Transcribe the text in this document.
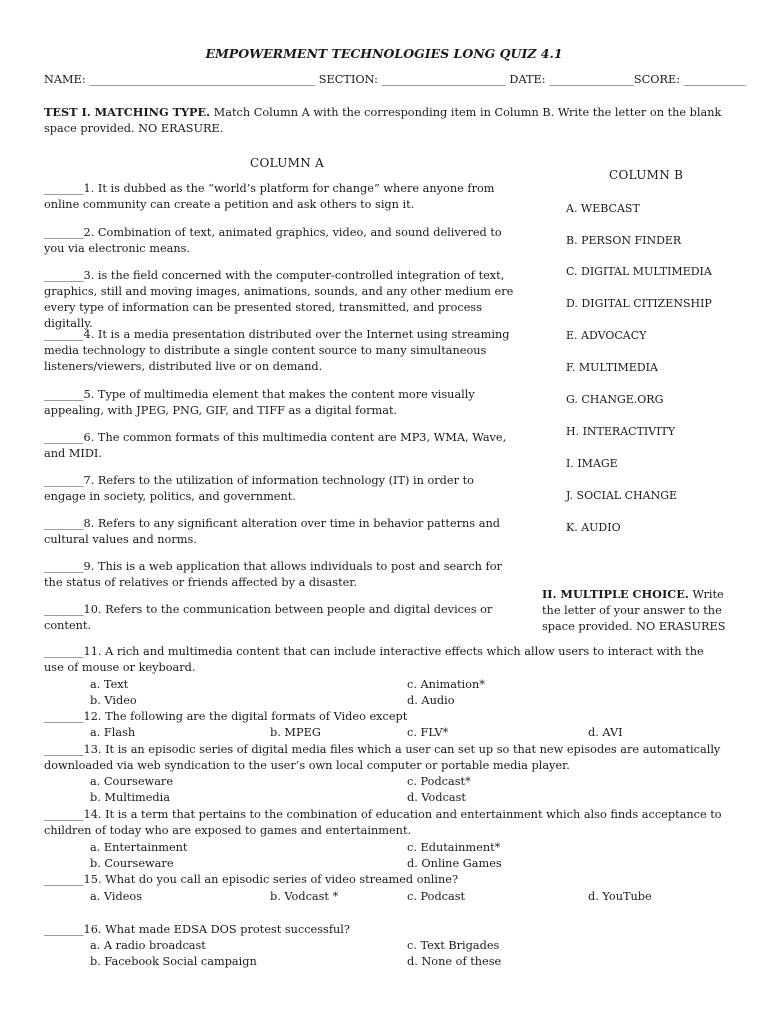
EMPOWERMENT TECHNOLOGIES LONG QUIZ 4.1
NAME: ________________________________________ SECTION: ______________________ DATE: _______________SCORE: ___________
TEST I. MATCHING TYPE. Match Column A with the corresponding item in Column B. Write the letter on the blank space provided. NO ERASURE.
COLUMN A
COLUMN B
_______1. It is dubbed as the “world’s platform for change” where anyone from online community can create a petition and ask others to sign it.
_______2. Combination of text, animated graphics, video, and sound delivered to you via electronic means.
_______3. is the field concerned with the computer-controlled integration of text, graphics, still and moving images, animations, sounds, and any other medium ere every type of information can be presented stored, transmitted, and process digitally.
_______4. It is a media presentation distributed over the Internet using streaming media technology to distribute a single content source to many simultaneous listeners/viewers, distributed live or on demand.
_______5. Type of multimedia element that makes the content more visually appealing, with JPEG, PNG, GIF, and TIFF as a digital format.
_______6. The common formats of this multimedia content are MP3, WMA, Wave, and MIDI.
_______7. Refers to the utilization of information technology (IT) in order to engage in society, politics, and government.
_______8. Refers to any significant alteration over time in behavior patterns and cultural values and norms.
_______9. This is a web application that allows individuals to post and search for the status of relatives or friends affected by a disaster.
_______10. Refers to the communication between people and digital devices or content.
A. WEBCAST
B. PERSON FINDER
C. DIGITAL MULTIMEDIA
D. DIGITAL CITIZENSHIP
E. ADVOCACY
F. MULTIMEDIA
G. CHANGE.ORG
H. INTERACTIVITY
I. IMAGE
J. SOCIAL CHANGE
K. AUDIO
II. MULTIPLE CHOICE. Write the letter of your answer to the space provided. NO ERASURES
_______11. A rich and multimedia content that can include interactive effects which allow users to interact with the use of mouse or keyboard.
a. Text
b. Video
c. Animation*
d. Audio
_______12. The following are the digital formats of Video except
a. Flash	b. MPEG	c. FLV*	d. AVI
_______13. It is an episodic series of digital media files which a user can set up so that new episodes are automatically downloaded via web syndication to the user’s own local computer or portable media player.
a. Courseware
b. Multimedia
c. Podcast*
d. Vodcast
_______14. It is a term that pertains to the combination of education and entertainment which also finds acceptance to children of today who are exposed to games and entertainment.
a. Entertainment
b. Courseware
c. Edutainment*
d. Online Games
_______15. What do you call an episodic series of video streamed online?
a. Videos	b. Vodcast *	c. Podcast	d. YouTube
_______16. What made EDSA DOS protest successful?
a. A radio broadcast
b. Facebook Social campaign
c. Text Brigades
d. None of these
